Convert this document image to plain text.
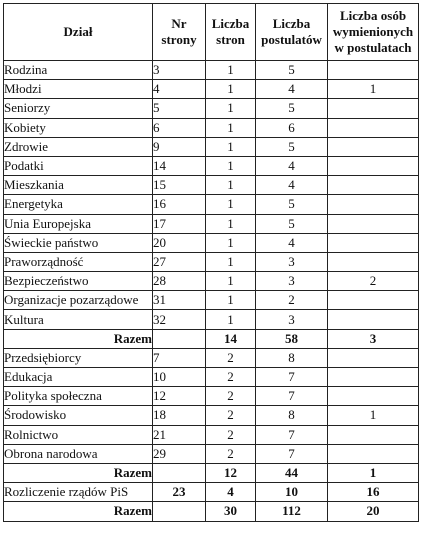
Dział	Nr strony	Liczba stron	Liczba postulatów	Liczba osób wymienionych w postulatach
Rodzina	3	1	5	
Młodzi	4	1	4	1
Seniorzy	5	1	5	
Kobiety	6	1	6	
Zdrowie	9	1	5	
Podatki	14	1	4	
Mieszkania	15	1	4	
Energetyka	16	1	5	
Unia Europejska	17	1	5	
Świeckie państwo	20	1	4	
Praworządność	27	1	3	
Bezpieczeństwo	28	1	3	2
Organizacje pozarządowe	31	1	2	
Kultura	32	1	3	
Razem		14	58	3
Przedsiębiorcy	7	2	8	
Edukacja	10	2	7	
Polityka społeczna	12	2	7	
Środowisko	18	2	8	1
Rolnictwo	21	2	7	
Obrona narodowa	29	2	7	
Razem		12	44	1
Rozliczenie rządów PiS	23	4	10	16
Razem		30	112	20
